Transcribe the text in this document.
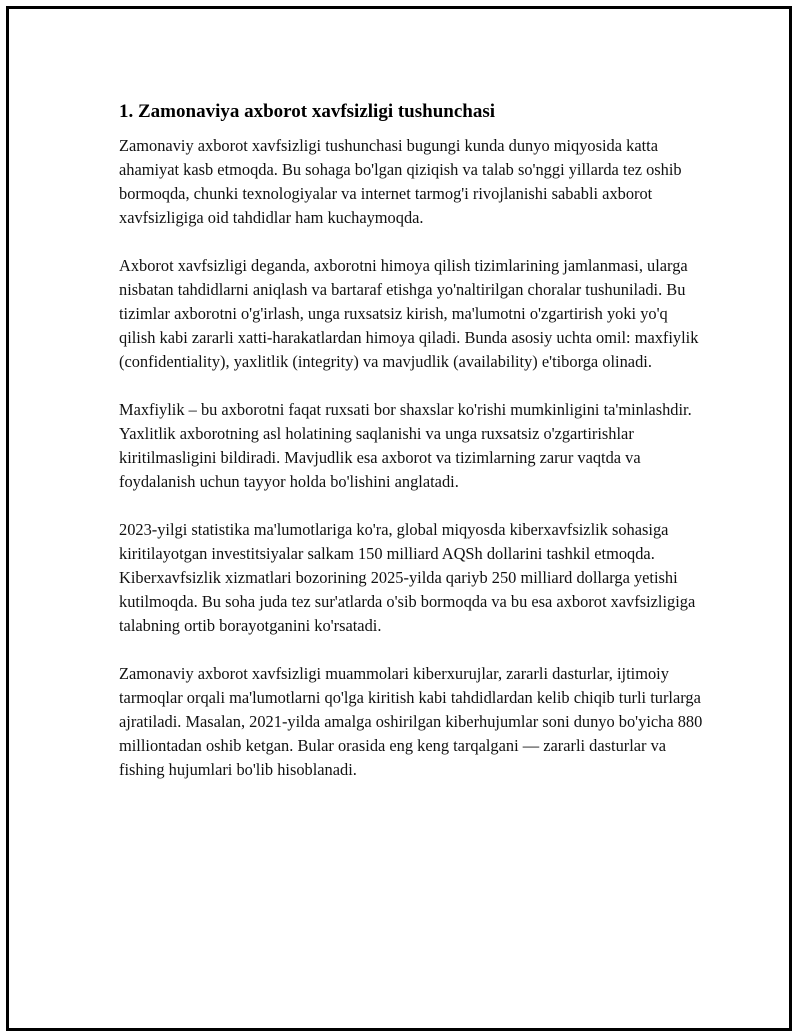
1. Zamonaviya axborot xavfsizligi tushunchasi

Zamonaviy axborot xavfsizligi tushunchasi bugungi kunda dunyo miqyosida katta ahamiyat kasb etmoqda. Bu sohaga bo'lgan qiziqish va talab so'nggi yillarda tez oshib bormoqda, chunki texnologiyalar va internet tarmog'i rivojlanishi sababli axborot xavfsizligiga oid tahdidlar ham kuchaymoqda.

Axborot xavfsizligi deganda, axborotni himoya qilish tizimlarining jamlanmasi, ularga nisbatan tahdidlarni aniqlash va bartaraf etishga yo'naltirilgan choralar tushuniladi. Bu tizimlar axborotni o'g'irlash, unga ruxsatsiz kirish, ma'lumotni o'zgartirish yoki yo'q qilish kabi zararli xatti-harakatlardan himoya qiladi. Bunda asosiy uchta omil: maxfiylik (confidentiality), yaxlitlik (integrity) va mavjudlik (availability) e'tiborga olinadi.

Maxfiylik – bu axborotni faqat ruxsati bor shaxslar ko'rishi mumkinligini ta'minlashdir. Yaxlitlik axborotning asl holatining saqlanishi va unga ruxsatsiz o'zgartirishlar kiritilmasligini bildiradi. Mavjudlik esa axborot va tizimlarning zarur vaqtda va foydalanish uchun tayyor holda bo'lishini anglatadi.

2023-yilgi statistika ma'lumotlariga ko'ra, global miqyosda kiberxavfsizlik sohasiga kiritilayotgan investitsiyalar salkam 150 milliard AQSh dollarini tashkil etmoqda. Kiberxavfsizlik xizmatlari bozorining 2025-yilda qariyb 250 milliard dollarga yetishi kutilmoqda. Bu soha juda tez sur'atlarda o'sib bormoqda va bu esa axborot xavfsizligiga talabning ortib borayotganini ko'rsatadi.

Zamonaviy axborot xavfsizligi muammolari kiberxurujlar, zararli dasturlar, ijtimoiy tarmoqlar orqali ma'lumotlarni qo'lga kiritish kabi tahdidlardan kelib chiqib turli turlarga ajratiladi. Masalan, 2021-yilda amalga oshirilgan kiberhujumlar soni dunyo bo'yicha 880 milliontadan oshib ketgan. Bular orasida eng keng tarqalgani — zararli dasturlar va fishing hujumlari bo'lib hisoblanadi.
